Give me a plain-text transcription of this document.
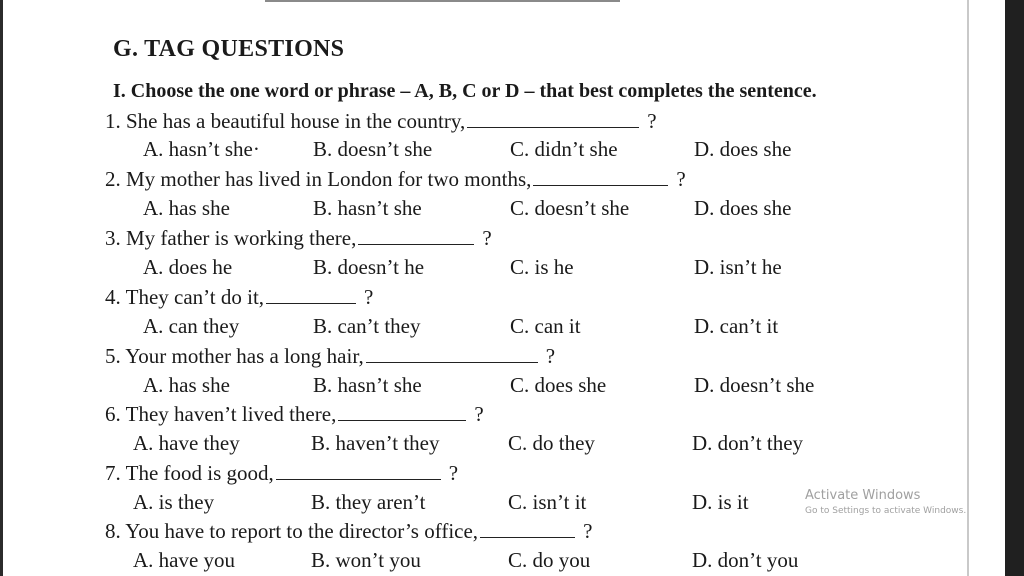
G. TAG QUESTIONS
I. Choose the one word or phrase – A, B, C or D – that best completes the sentence.
1. She has a beautiful house in the country,	?
A. hasn’t she·	B. doesn’t she	C. didn’t she	D. does she
2. My mother has lived in London for two months,	?
A. has she	B. hasn’t she	C. doesn’t she	D. does she
3. My father is working there,	?
A. does he	B. doesn’t he	C. is he	D. isn’t he
4. They can’t do it,	?
A. can they	B. can’t they	C. can it	D. can’t it
5. Your mother has a long hair,	?
A. has she	B. hasn’t she	C. does she	D. doesn’t she
6. They haven’t lived there,	?
A. have they	B. haven’t they	C. do they	D. don’t they
7. The food is good,	?
A. is they	B. they aren’t	C. isn’t it	D. is it
8. You have to report to the director’s office,	?
A. have you	B. won’t you	C. do you	D. don’t you
Activate Windows
Go to Settings to activate Windows.
